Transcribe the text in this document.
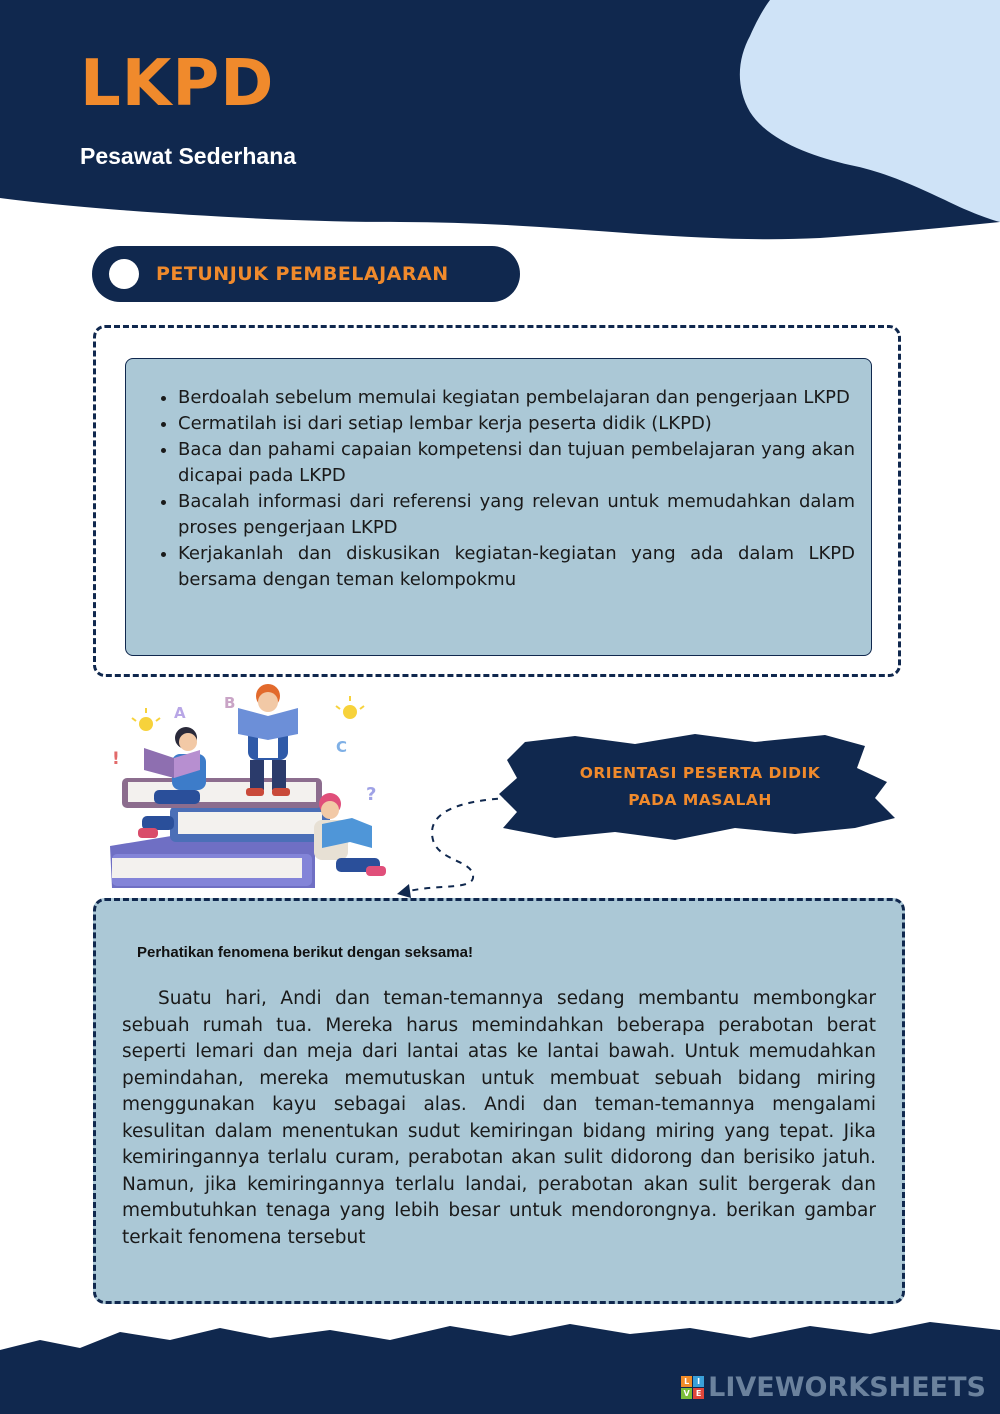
LKPD
Pesawat Sederhana
PETUNJUK PEMBELAJARAN
• Berdoalah sebelum memulai kegiatan pembelajaran dan pengerjaan LKPD
• Cermatilah isi dari setiap lembar kerja peserta didik (LKPD)
• Baca dan pahami capaian kompetensi dan tujuan pembelajaran yang akan dicapai pada LKPD
• Bacalah informasi dari referensi yang relevan untuk memudahkan dalam proses pengerjaan LKPD
• Kerjakanlah dan diskusikan kegiatan-kegiatan yang ada dalam LKPD bersama dengan teman kelompokmu
A
B
C
?
!
ORIENTASI PESERTA DIDIK
PADA MASALAH
Perhatikan fenomena berikut dengan seksama!

Suatu hari, Andi dan teman-temannya sedang membantu membongkar sebuah rumah tua. Mereka harus memindahkan beberapa perabotan berat seperti lemari dan meja dari lantai atas ke lantai bawah. Untuk memudahkan pemindahan, mereka memutuskan untuk membuat sebuah bidang miring menggunakan kayu sebagai alas. Andi dan teman-temannya mengalami kesulitan dalam menentukan sudut kemiringan bidang miring yang tepat. Jika kemiringannya terlalu curam, perabotan akan sulit didorong dan berisiko jatuh. Namun, jika kemiringannya terlalu landai, perabotan akan sulit bergerak dan membutuhkan tenaga yang lebih besar untuk mendorongnya. berikan gambar terkait fenomena tersebut

L I
V E LIVEWORKSHEETS
